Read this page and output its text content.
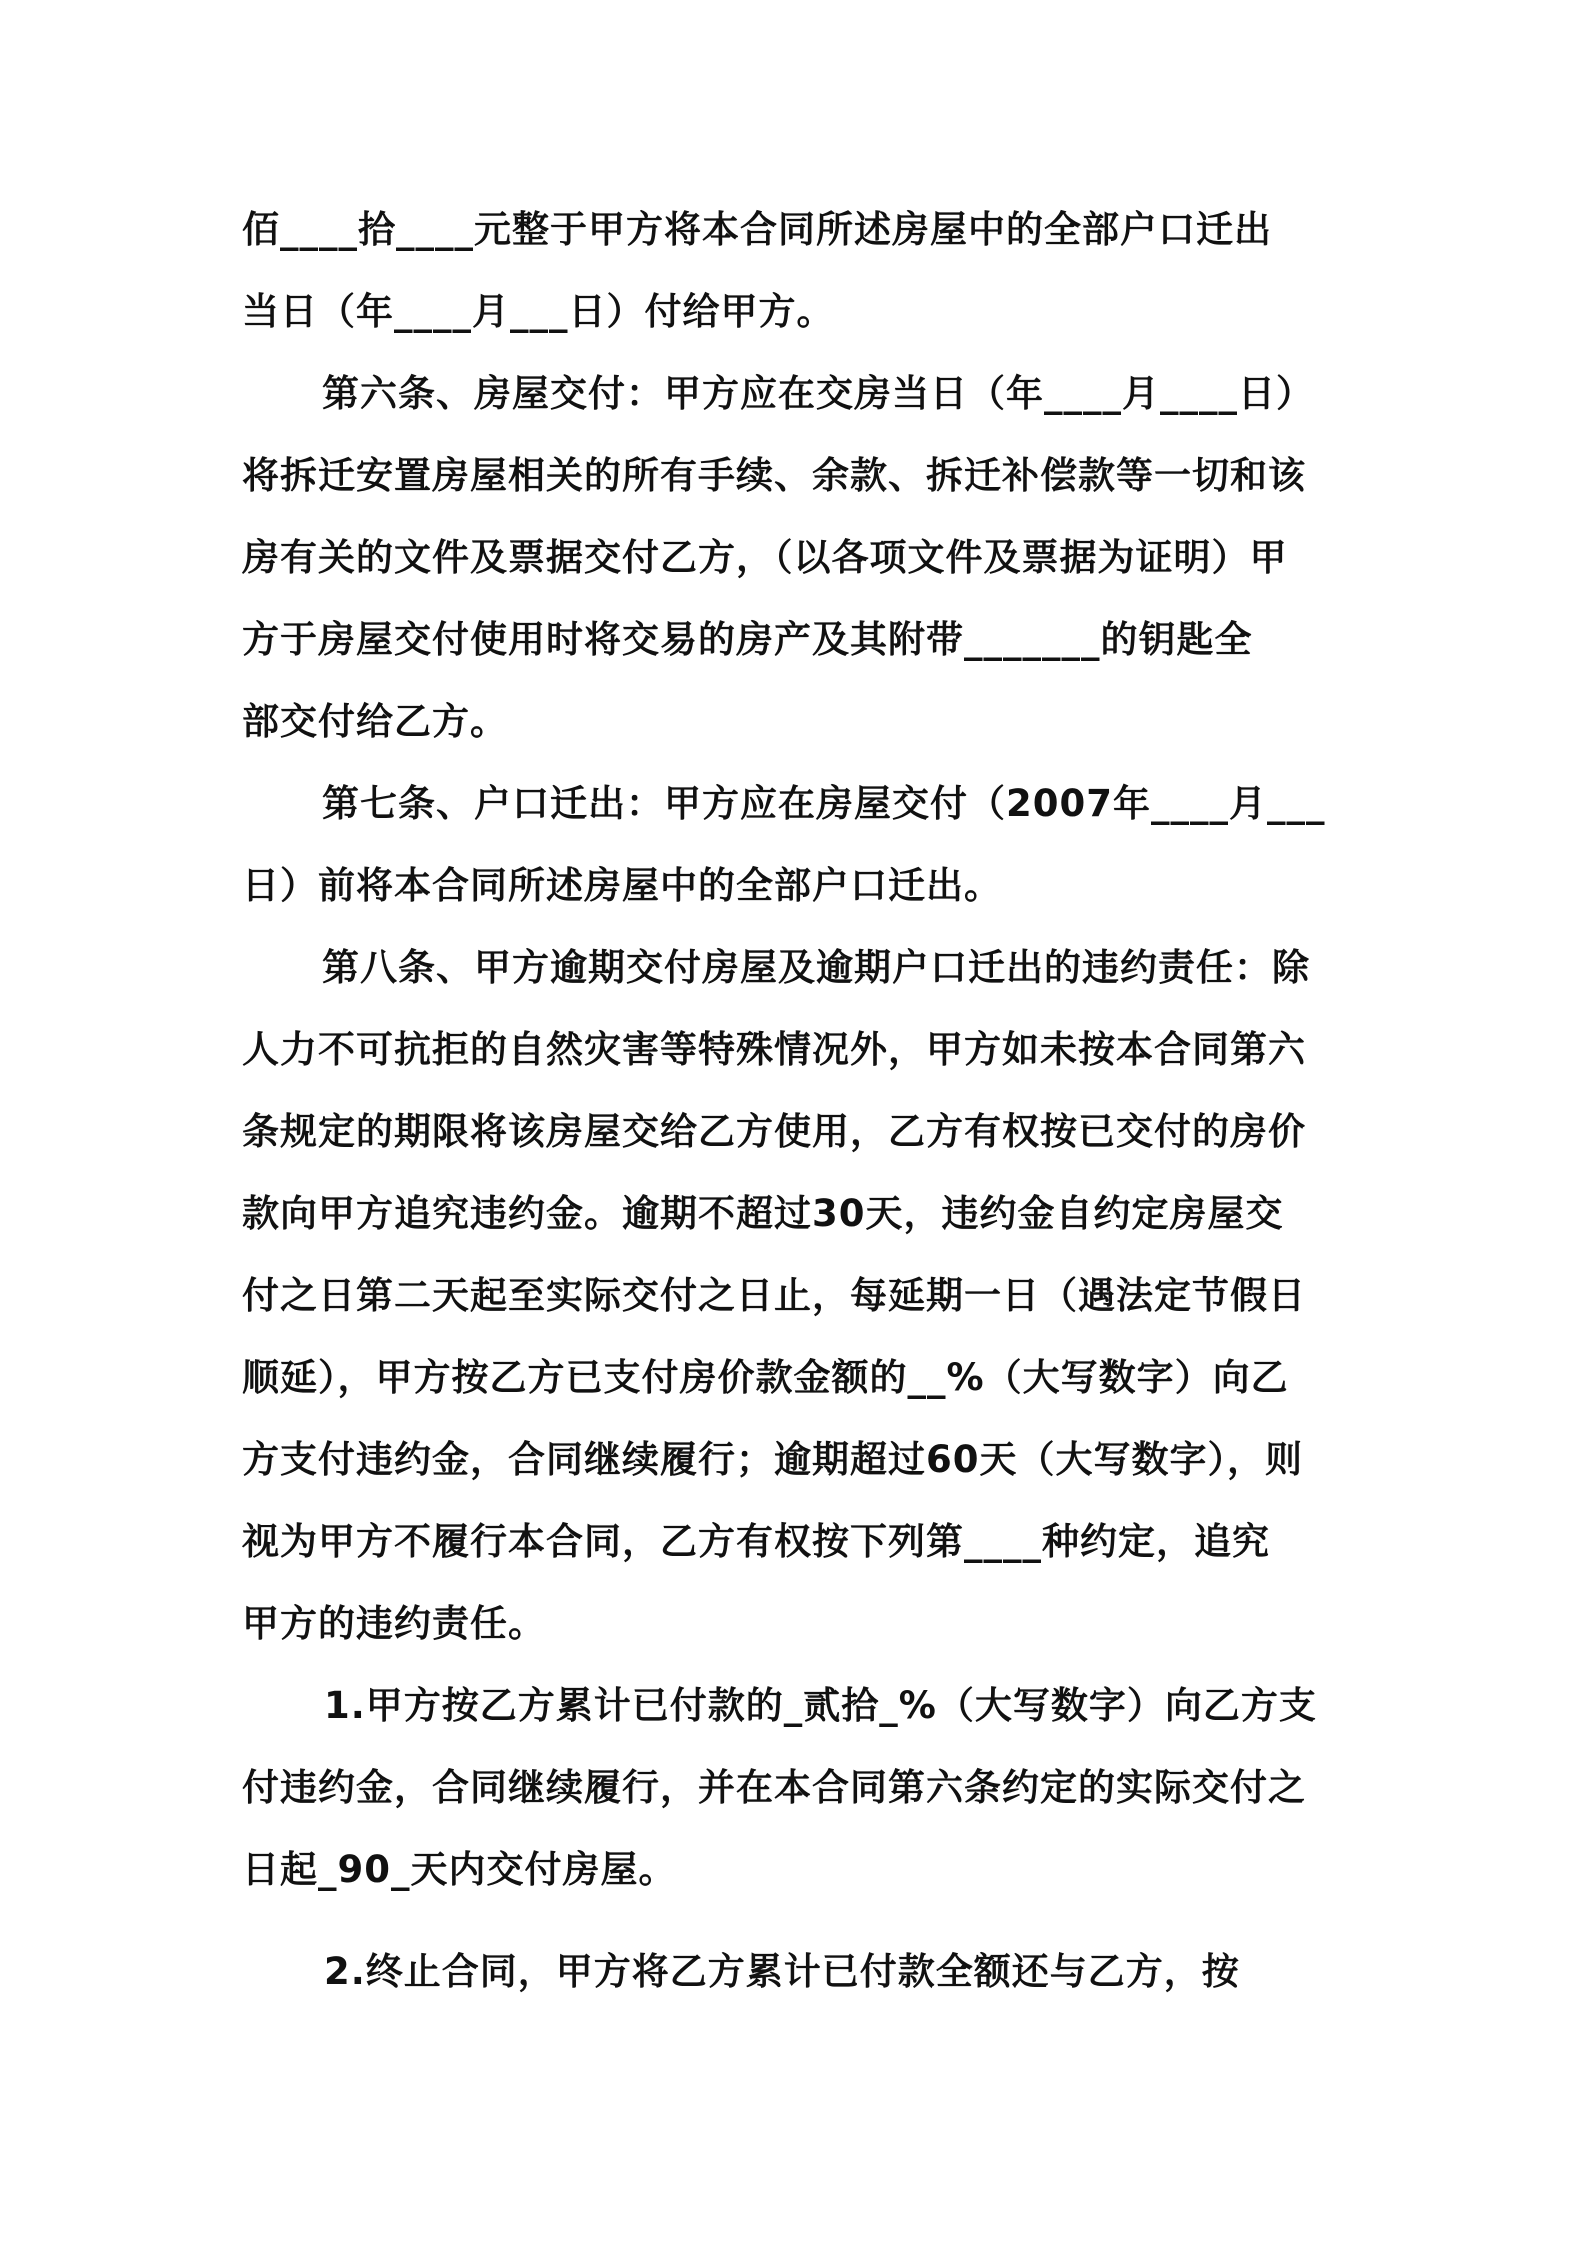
佰____拾____元整于甲方将本合同所述房屋中的全部户口迁出
当日（年____月___日）付给甲方。
第六条、房屋交付：甲方应在交房当日（年____月____日）
将拆迁安置房屋相关的所有手续、余款、拆迁补偿款等一切和该
房有关的文件及票据交付乙方，（以各项文件及票据为证明）甲
方于房屋交付使用时将交易的房产及其附带_______的钥匙全
部交付给乙方。
第七条、户口迁出：甲方应在房屋交付（2007年____月___
日）前将本合同所述房屋中的全部户口迁出。
第八条、甲方逾期交付房屋及逾期户口迁出的违约责任：除
人力不可抗拒的自然灾害等特殊情况外，甲方如未按本合同第六
条规定的期限将该房屋交给乙方使用，乙方有权按已交付的房价
款向甲方追究违约金。逾期不超过30天，违约金自约定房屋交
付之日第二天起至实际交付之日止，每延期一日（遇法定节假日
顺延），甲方按乙方已支付房价款金额的__%（大写数字）向乙
方支付违约金，合同继续履行；逾期超过60天（大写数字），则
视为甲方不履行本合同，乙方有权按下列第____种约定，追究
甲方的违约责任。
1.甲方按乙方累计已付款的_贰拾_%（大写数字）向乙方支
付违约金，合同继续履行，并在本合同第六条约定的实际交付之
日起_90_天内交付房屋。
2.终止合同，甲方将乙方累计已付款全额还与乙方，按
